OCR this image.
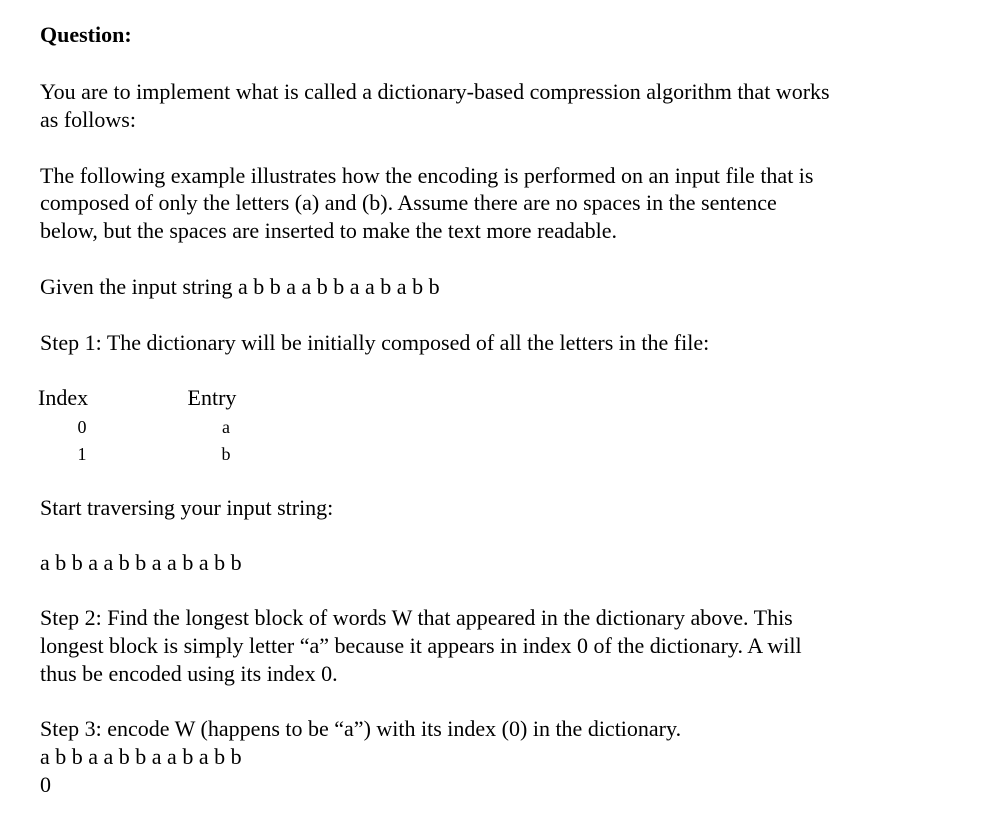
Question:

You are to implement what is called a dictionary-based compression algorithm that works

as follows:

The following example illustrates how the encoding is performed on an input file that is

composed of only the letters (a) and (b). Assume there are no spaces in the sentence

below, but the spaces are inserted to make the text more readable.

Given the input string a b b a a b b a a b a b b

Step 1: The dictionary will be initially composed of all the letters in the file:

Index	Entry

0	a

1	b

Start traversing your input string:

a b b a a b b a a b a b b

Step 2: Find the longest block of words W that appeared in the dictionary above. This

longest block is simply letter “a” because it appears in index 0 of the dictionary. A will

thus be encoded using its index 0.

Step 3: encode W (happens to be “a”) with its index (0) in the dictionary.

a b b a a b b a a b a b b

0
